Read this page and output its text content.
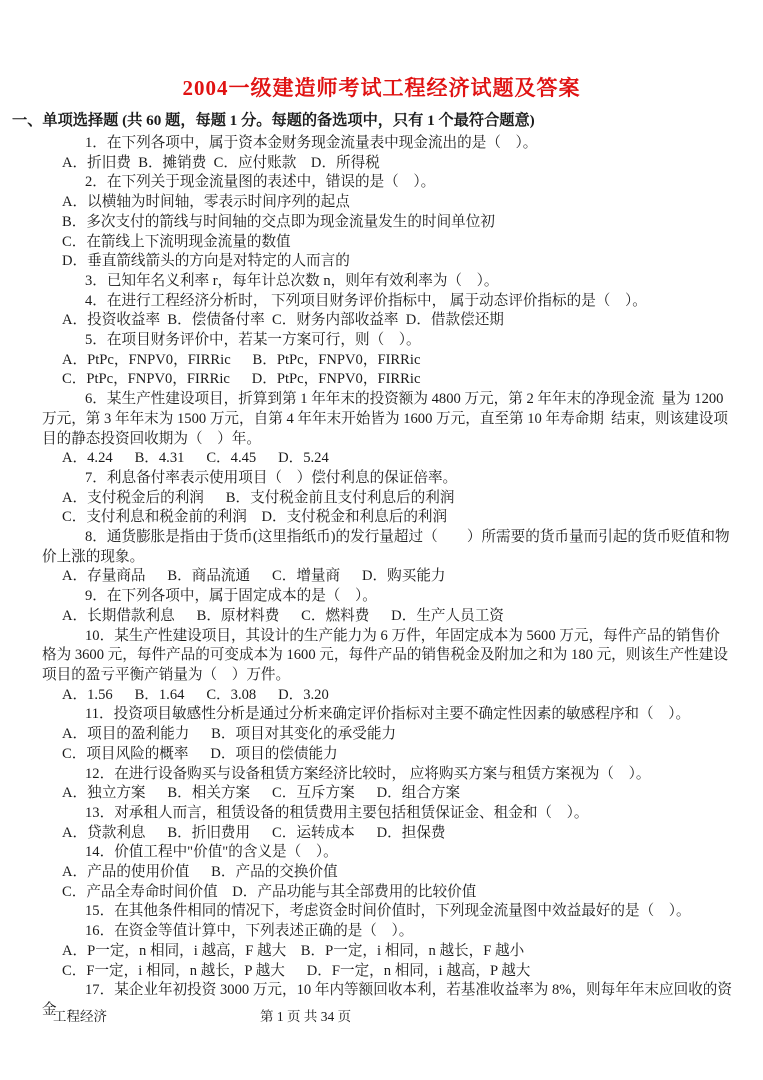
2004一级建造师考试工程经济试题及答案
一、单项选择题 (共 60 题，每题 1 分。每题的备选项中，只有 1 个最符合题意)

1．在下列各项中，属于资本金财务现金流量表中现金流出的是（　）。

A．折旧费  B．摊销费  C．应付账款    D．所得税

2．在下列关于现金流量图的表述中，错误的是（　）。

A．以横轴为时间轴，零表示时间序列的起点
B．多次支付的箭线与时间轴的交点即为现金流量发生的时间单位初
C．在箭线上下流明现金流量的数值
D．垂直箭线箭头的方向是对特定的人而言的

3．已知年名义利率 r，每年计总次数 n，则年有效利率为（　）。

4．在进行工程经济分析时， 下列项目财务评价指标中， 属于动态评价指标的是（　）。

A．投资收益率  B．偿债备付率  C．财务内部收益率  D．借款偿还期

5．在项目财务评价中，若某一方案可行，则（　）。

A．PtPc，FNPV0，FIRRic      B．PtPc，FNPV0，FIRRic
C．PtPc，FNPV0，FIRRic      D．PtPc，FNPV0，FIRRic

6．某生产性建设项目，折算到第 1 年年末的投资额为 4800 万元，第 2 年年末的净现金流  量为 1200 万元，第 3 年年末为 1500 万元，自第 4 年年末开始皆为 1600 万元，直至第 10 年寿命期  结束，则该建设项目的静态投资回收期为（　）年。

A．4.24      B．4.31      C．4.45      D．5.24

7．利息备付率表示使用项目（　）偿付利息的保证倍率。

A．支付税金后的利润      B．支付税金前且支付利息后的利润
C．支付利息和税金前的利润    D．支付税金和利息后的利润

8．通货膨胀是指由于货币(这里指纸币)的发行量超过（　　）所需要的货币量而引起的货币贬值和物价上涨的现象。

A．存量商品      B．商品流通      C．增量商      D．购买能力

9．在下列各项中，属于固定成本的是（　）。

A．长期借款利息      B．原材料费      C．燃料费      D．生产人员工资

10．某生产性建设项目，其设计的生产能力为 6 万件，年固定成本为 5600 万元，每件产品的销售价格为 3600 元，每件产品的可变成本为 1600 元，每件产品的销售税金及附加之和为 180 元，则该生产性建设项目的盈亏平衡产销量为（　）万件。

A．1.56      B．1.64      C．3.08      D．3.20

11．投资项目敏感性分析是通过分析来确定评价指标对主要不确定性因素的敏感程序和（　）。

A．项目的盈利能力      B．项目对其变化的承受能力
C．项目风险的概率      D．项目的偿债能力

12．在进行设备购买与设备租赁方案经济比较时， 应将购买方案与租赁方案视为（　）。

A．独立方案      B．相关方案      C．互斥方案      D．组合方案

13．对承租人而言，租赁设备的租赁费用主要包括租赁保证金、租金和（　）。

A．贷款利息      B．折旧费用      C．运转成本      D．担保费

14．价值工程中"价值"的含义是（　）。

A．产品的使用价值      B．产品的交换价值
C．产品全寿命时间价值    D．产品功能与其全部费用的比较价值

15．在其他条件相同的情况下，考虑资金时间价值时，下列现金流量图中效益最好的是（　）。

16．在资金等值计算中，下列表述正确的是（　）。

A．P一定，n 相同，i 越高，F 越大    B．P一定，i 相同，n 越长，F 越小
C．F一定，i 相同，n 越长，P 越大      D．F一定，n 相同，i 越高，P 越大

17．某企业年初投资 3000 万元，10 年内等额回收本利，若基准收益率为 8%，则每年年末应回收的资金

工程经济	第 1 页 共 34 页
